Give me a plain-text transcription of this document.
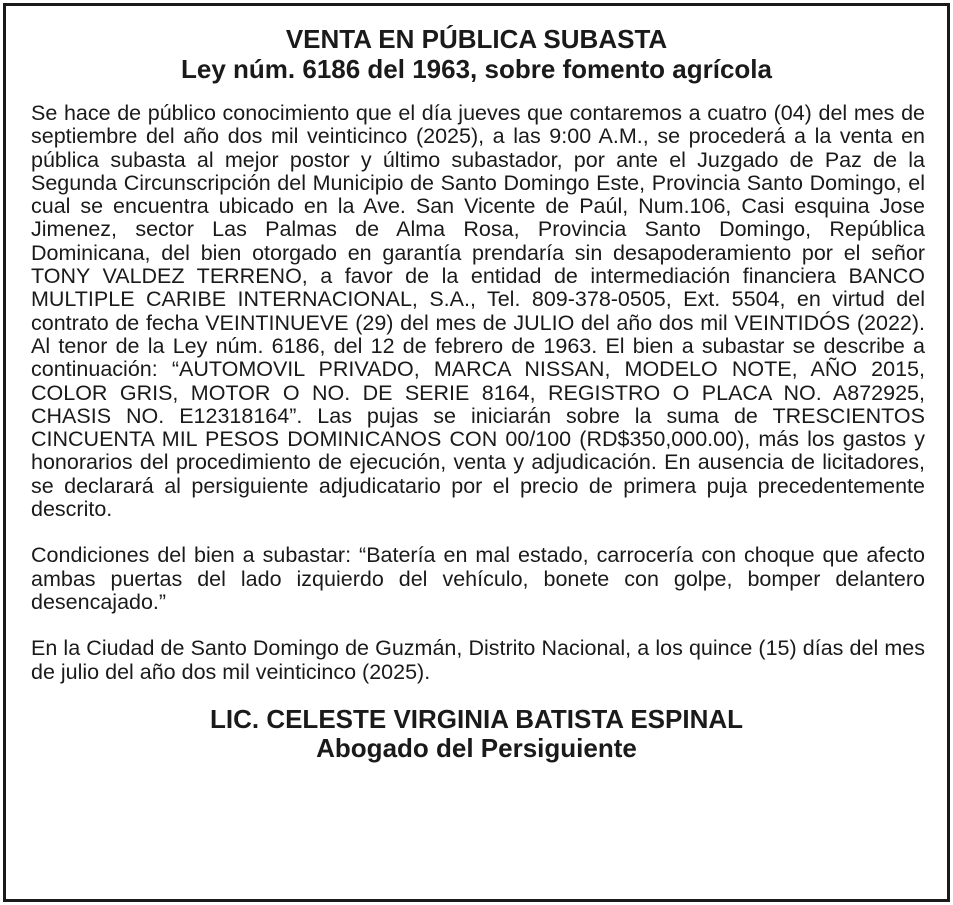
VENTA EN PÚBLICA SUBASTA
Ley núm. 6186 del 1963, sobre fomento agrícola

Se hace de público conocimiento que el día jueves que contaremos a cuatro (04) del mes de septiembre del año dos mil veinticinco (2025), a las 9:00 A.M., se procederá a la venta en pública subasta al mejor postor y último subastador, por ante el Juzgado de Paz de la Segunda Circunscripción del Municipio de Santo Domingo Este, Provincia Santo Domingo, el cual se encuentra ubicado en la Ave. San Vicente de Paúl, Num.106, Casi esquina Jose Jimenez, sector Las Palmas de Alma Rosa, Provincia Santo Domingo, República Dominicana, del bien otorgado en garantía prendaría sin desapoderamiento por el señor TONY VALDEZ TERRENO, a favor de la entidad de intermediación financiera BANCO MULTIPLE CARIBE INTERNACIONAL, S.A., Tel. 809-378-0505, Ext. 5504, en virtud del contrato de fecha VEINTINUEVE (29) del mes de JULIO del año dos mil VEINTIDÓS (2022). Al tenor de la Ley núm. 6186, del 12 de febrero de 1963. El bien a subastar se describe a continuación: “AUTOMOVIL PRIVADO, MARCA NISSAN, MODELO NOTE, AÑO 2015, COLOR GRIS, MOTOR O NO. DE SERIE 8164, REGISTRO O PLACA NO. A872925, CHASIS NO. E12318164”. Las pujas se iniciarán sobre la suma de TRESCIENTOS CINCUENTA MIL PESOS DOMINICANOS CON 00/100 (RD$350,000.00), más los gastos y honorarios del procedimiento de ejecución, venta y adjudicación. En ausencia de licitadores, se declarará al persiguiente adjudicatario por el precio de primera puja precedentemente descrito.

Condiciones del bien a subastar: “Batería en mal estado, carrocería con choque que afecto ambas puertas del lado izquierdo del vehículo, bonete con golpe, bomper delantero desencajado.”

En la Ciudad de Santo Domingo de Guzmán, Distrito Nacional, a los quince (15) días del mes de julio del año dos mil veinticinco (2025).

LIC. CELESTE VIRGINIA BATISTA ESPINAL
Abogado del Persiguiente
